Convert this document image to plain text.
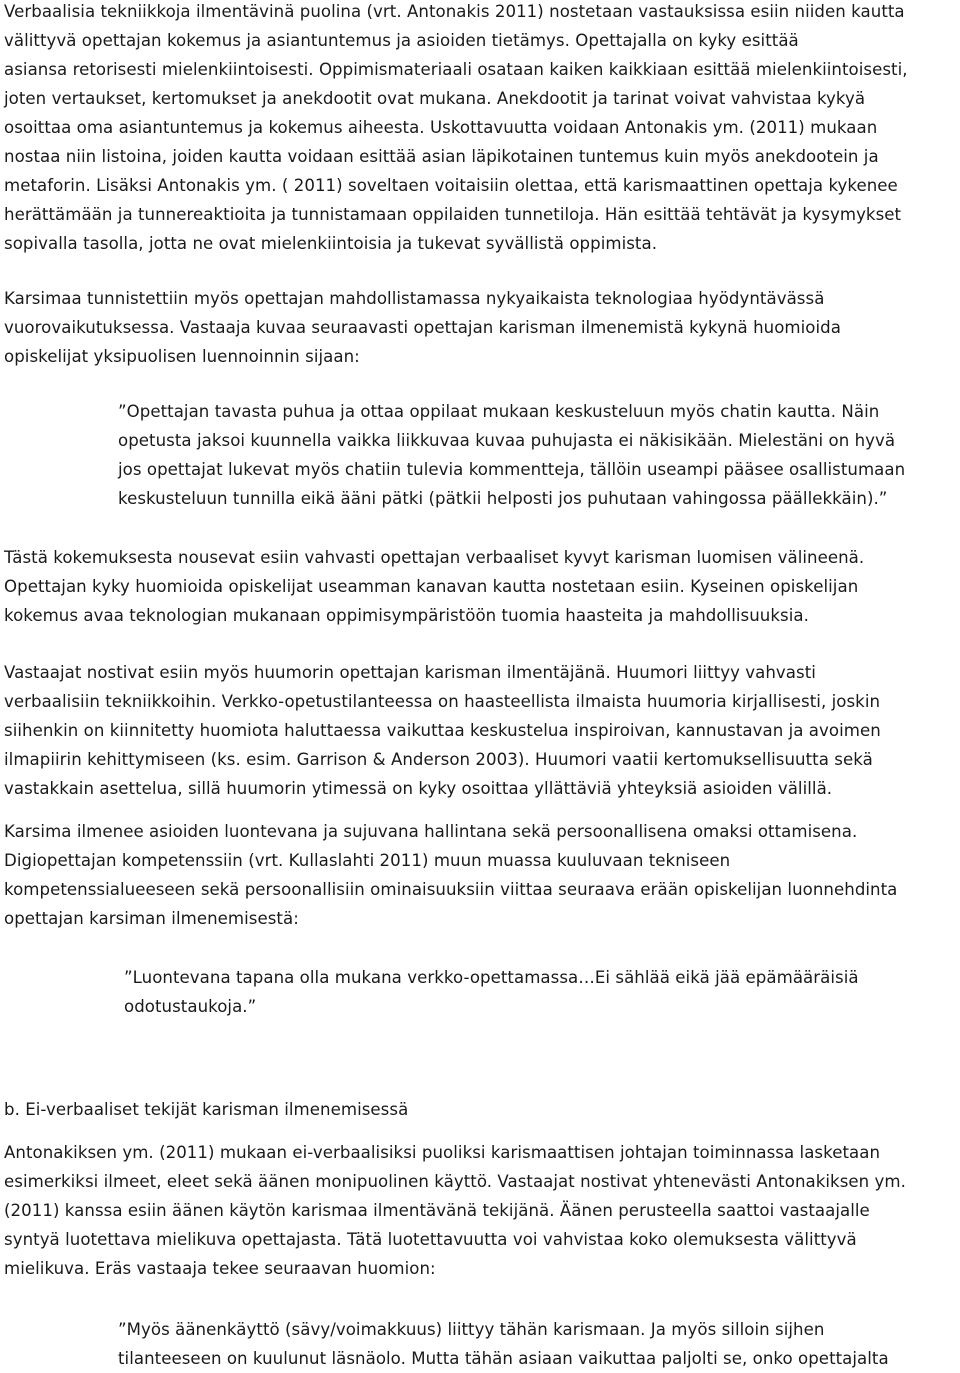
Verbaalisia tekniikkoja ilmentävinä puolina (vrt. Antonakis 2011) nostetaan vastauksissa esiin niiden kautta
välittyvä opettajan kokemus ja asiantuntemus ja asioiden tietämys. Opettajalla on kyky esittää
asiansa retorisesti mielenkiintoisesti. Oppimismateriaali osataan kaiken kaikkiaan esittää mielenkiintoisesti,
joten vertaukset, kertomukset ja anekdootit ovat mukana. Anekdootit ja tarinat voivat vahvistaa kykyä
osoittaa oma asiantuntemus ja kokemus aiheesta. Uskottavuutta voidaan Antonakis ym. (2011) mukaan
nostaa niin listoina, joiden kautta voidaan esittää asian läpikotainen tuntemus kuin myös anekdootein ja
metaforin. Lisäksi Antonakis ym. ( 2011) soveltaen voitaisiin olettaa, että karismaattinen opettaja kykenee
herättämään ja tunnereaktioita ja tunnistamaan oppilaiden tunnetiloja. Hän esittää tehtävät ja kysymykset
sopivalla tasolla, jotta ne ovat mielenkiintoisia ja tukevat syvällistä oppimista.
Karsimaa tunnistettiin myös opettajan mahdollistamassa nykyaikaista teknologiaa hyödyntävässä
vuorovaikutuksessa. Vastaaja kuvaa seuraavasti opettajan karisman ilmenemistä kykynä huomioida
opiskelijat yksipuolisen luennoinnin sijaan:
”Opettajan tavasta puhua ja ottaa oppilaat mukaan keskusteluun myös chatin kautta. Näin
opetusta jaksoi kuunnella vaikka liikkuvaa kuvaa puhujasta ei näkisikään. Mielestäni on hyvä
jos opettajat lukevat myös chatiin tulevia kommentteja, tällöin useampi pääsee osallistumaan
keskusteluun tunnilla eikä ääni pätki (pätkii helposti jos puhutaan vahingossa päällekkäin).”
Tästä kokemuksesta nousevat esiin vahvasti opettajan verbaaliset kyvyt karisman luomisen välineenä.
Opettajan kyky huomioida opiskelijat useamman kanavan kautta nostetaan esiin. Kyseinen opiskelijan
kokemus avaa teknologian mukanaan oppimisympäristöön tuomia haasteita ja mahdollisuuksia.
Vastaajat nostivat esiin myös huumorin opettajan karisman ilmentäjänä. Huumori liittyy vahvasti
verbaalisiin tekniikkoihin. Verkko-opetustilanteessa on haasteellista ilmaista huumoria kirjallisesti, joskin
siihenkin on kiinnitetty huomiota haluttaessa vaikuttaa keskustelua inspiroivan, kannustavan ja avoimen
ilmapiirin kehittymiseen (ks. esim. Garrison & Anderson 2003). Huumori vaatii kertomuksellisuutta sekä
vastakkain asettelua, sillä huumorin ytimessä on kyky osoittaa yllättäviä yhteyksiä asioiden välillä.
Karsima ilmenee asioiden luontevana ja sujuvana hallintana sekä persoonallisena omaksi ottamisena.
Digiopettajan kompetenssiin (vrt. Kullaslahti 2011) muun muassa kuuluvaan tekniseen
kompetenssialueeseen sekä persoonallisiin ominaisuuksiin viittaa seuraava erään opiskelijan luonnehdinta
opettajan karsiman ilmenemisestä:
”Luontevana tapana olla mukana verkko-opettamassa…Ei sählää eikä jää epämääräisiä
odotustaukoja.”
b. Ei-verbaaliset tekijät karisman ilmenemisessä
Antonakiksen ym. (2011) mukaan ei-verbaalisiksi puoliksi karismaattisen johtajan toiminnassa lasketaan
esimerkiksi ilmeet, eleet sekä äänen monipuolinen käyttö. Vastaajat nostivat yhtenevästi Antonakiksen ym.
(2011) kanssa esiin äänen käytön karismaa ilmentävänä tekijänä. Äänen perusteella saattoi vastaajalle
syntyä luotettava mielikuva opettajasta. Tätä luotettavuutta voi vahvistaa koko olemuksesta välittyvä
mielikuva. Eräs vastaaja tekee seuraavan huomion:
”Myös äänenkäyttö (sävy/voimakkuus) liittyy tähän karismaan. Ja myös silloin sijhen
tilanteeseen on kuulunut läsnäolo. Mutta tähän asiaan vaikuttaa paljolti se, onko opettajalta
